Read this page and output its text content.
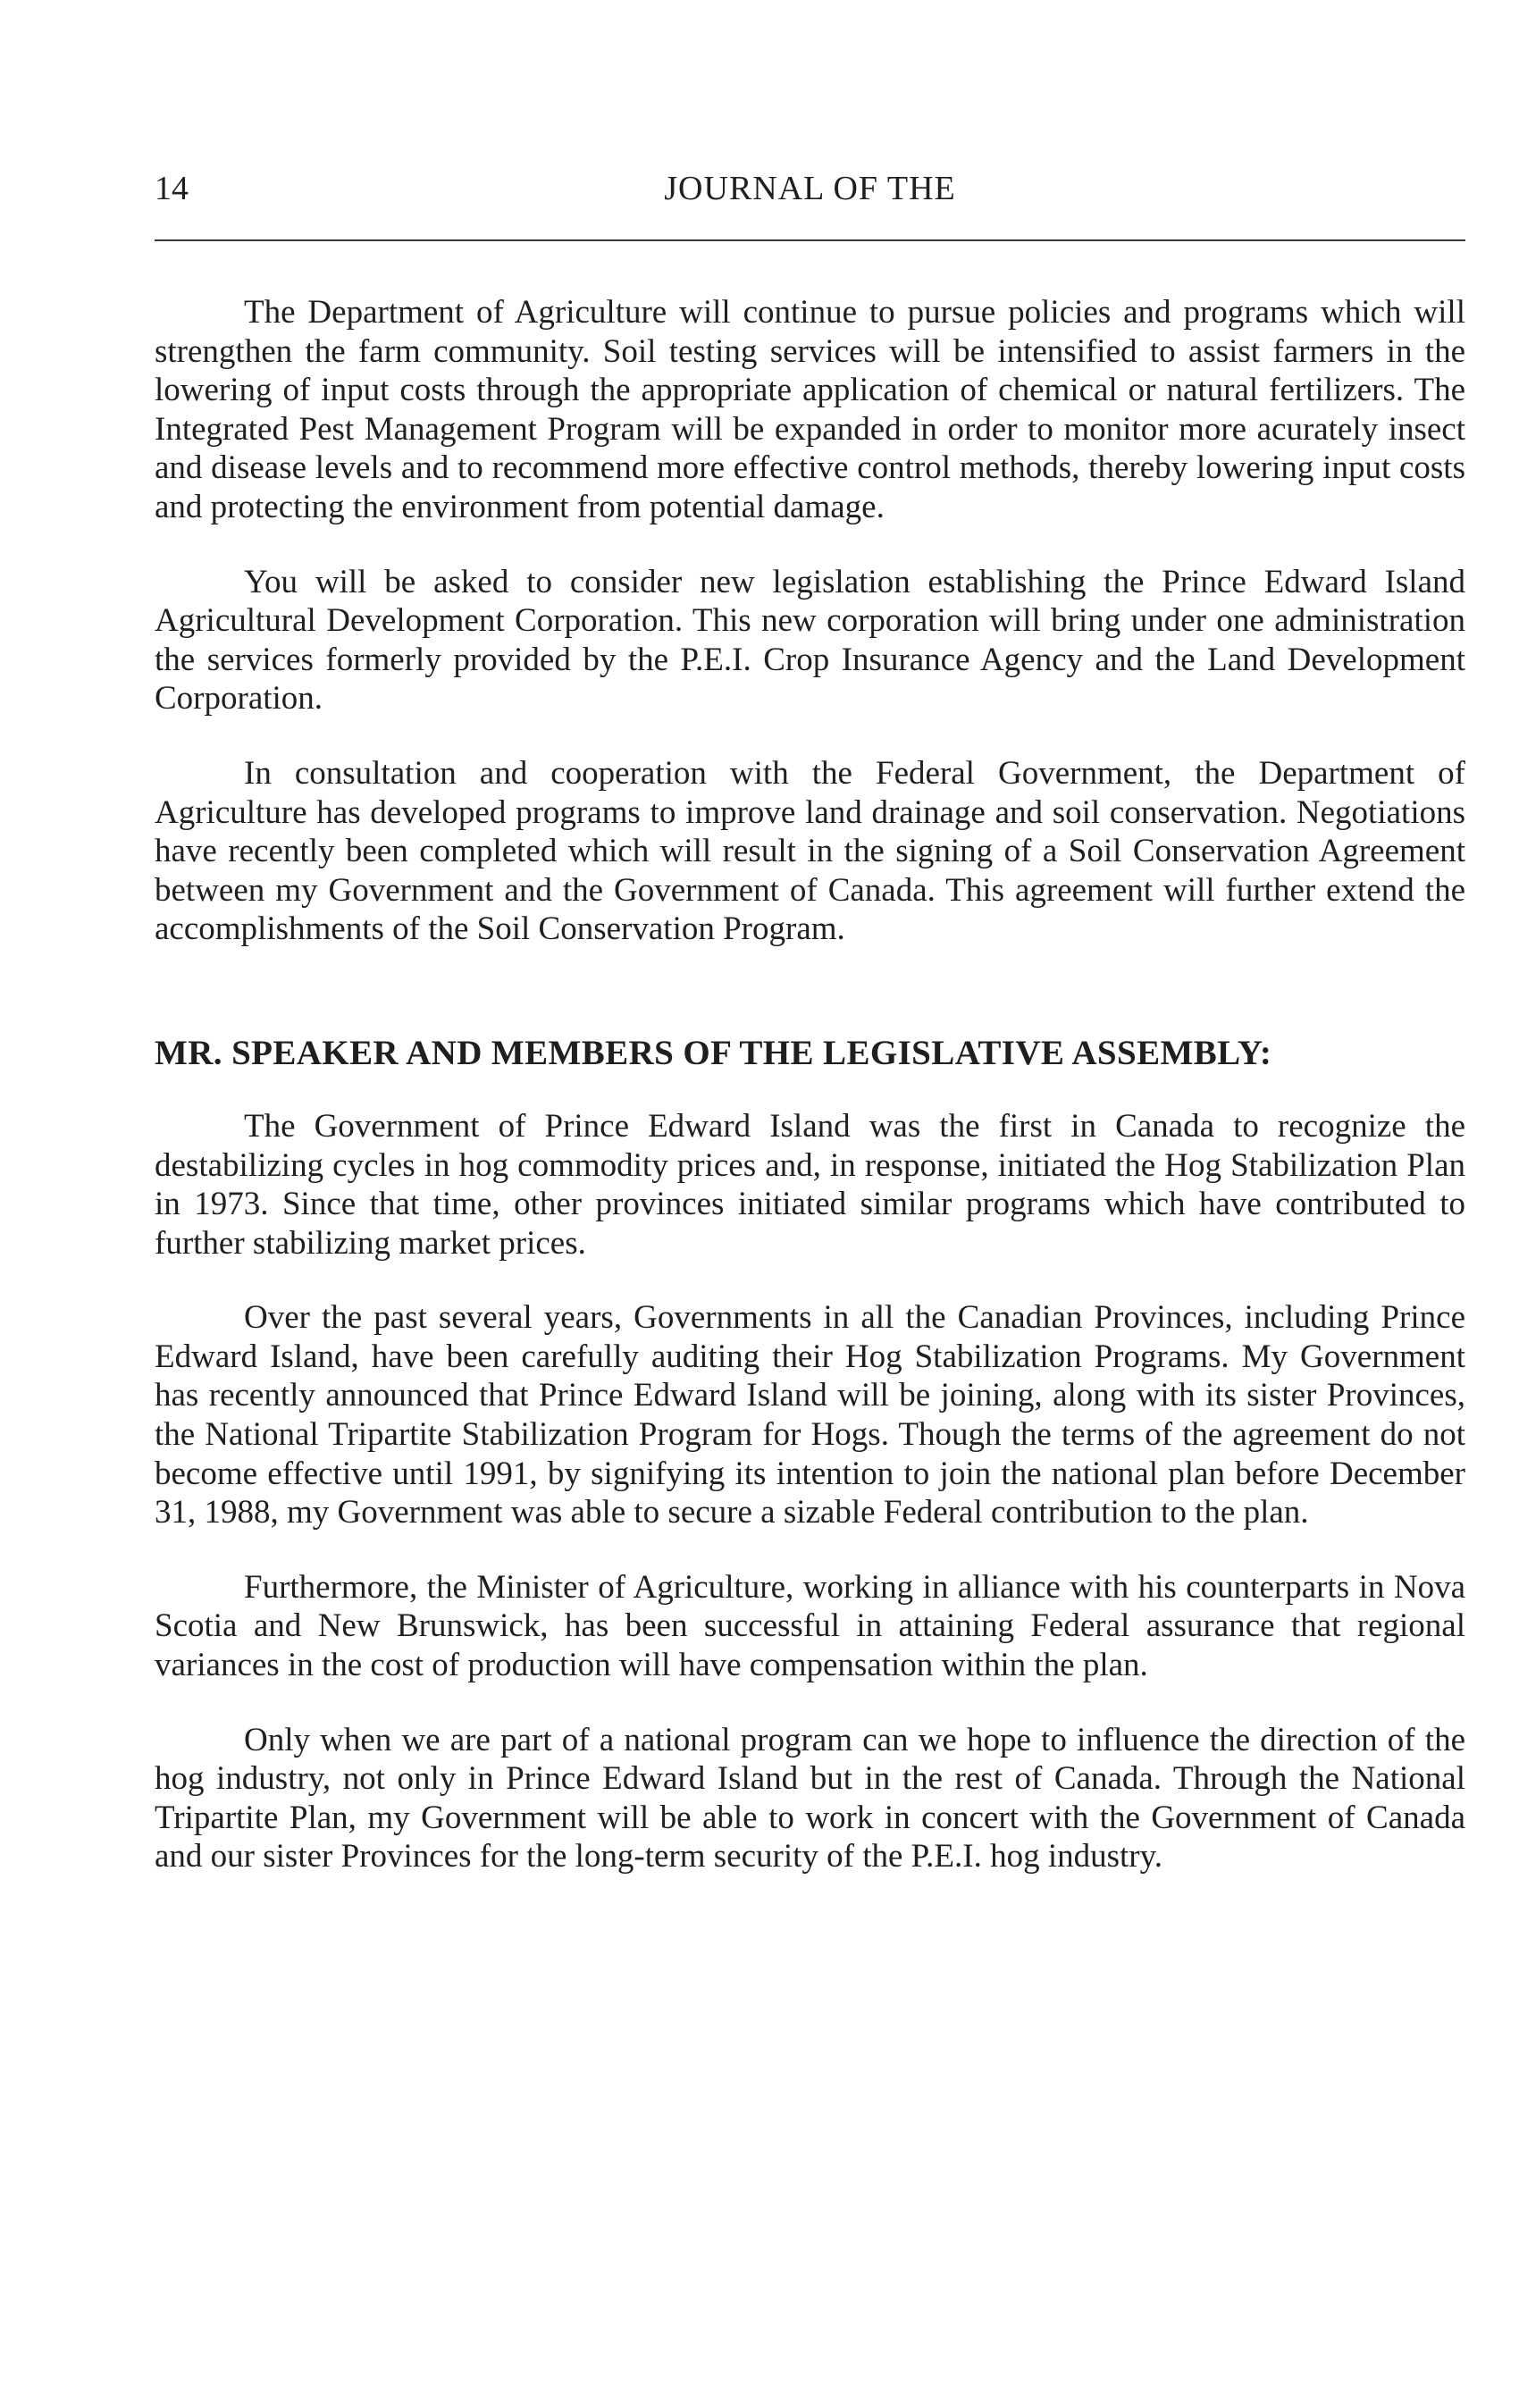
14	JOURNAL OF THE

The Department of Agriculture will continue to pursue policies and programs which will strengthen the farm community. Soil testing services will be intensified to assist farmers in the lowering of input costs through the appropriate application of chemical or natural fertilizers. The Integrated Pest Management Program will be expanded in order to monitor more acurately insect and disease levels and to recommend more effective control methods, thereby lowering input costs and protecting the environment from potential damage.

You will be asked to consider new legislation establishing the Prince Edward Island Agricultural Development Corporation. This new corporation will bring under one administration the services formerly provided by the P.E.I. Crop Insurance Agency and the Land Development Corporation.

In consultation and cooperation with the Federal Government, the Department of Agriculture has developed programs to improve land drainage and soil conservation. Negotiations have recently been completed which will result in the signing of a Soil Conservation Agreement between my Government and the Government of Canada. This agreement will further extend the accomplishments of the Soil Conservation Program.

MR. SPEAKER AND MEMBERS OF THE LEGISLATIVE ASSEMBLY:

The Government of Prince Edward Island was the first in Canada to recognize the destabilizing cycles in hog commodity prices and, in response, initiated the Hog Stabilization Plan in 1973. Since that time, other provinces initiated similar programs which have contributed to further stabilizing market prices.

Over the past several years, Governments in all the Canadian Provinces, including Prince Edward Island, have been carefully auditing their Hog Stabilization Programs. My Government has recently announced that Prince Edward Island will be joining, along with its sister Provinces, the National Tripartite Stabilization Program for Hogs. Though the terms of the agreement do not become effective until 1991, by signifying its intention to join the national plan before December 31, 1988, my Government was able to secure a sizable Federal contribution to the plan.

Furthermore, the Minister of Agriculture, working in alliance with his counterparts in Nova Scotia and New Brunswick, has been successful in attaining Federal assurance that regional variances in the cost of production will have compensation within the plan.

Only when we are part of a national program can we hope to influence the direction of the hog industry, not only in Prince Edward Island but in the rest of Canada. Through the National Tripartite Plan, my Government will be able to work in concert with the Government of Canada and our sister Provinces for the long-term security of the P.E.I. hog industry.
